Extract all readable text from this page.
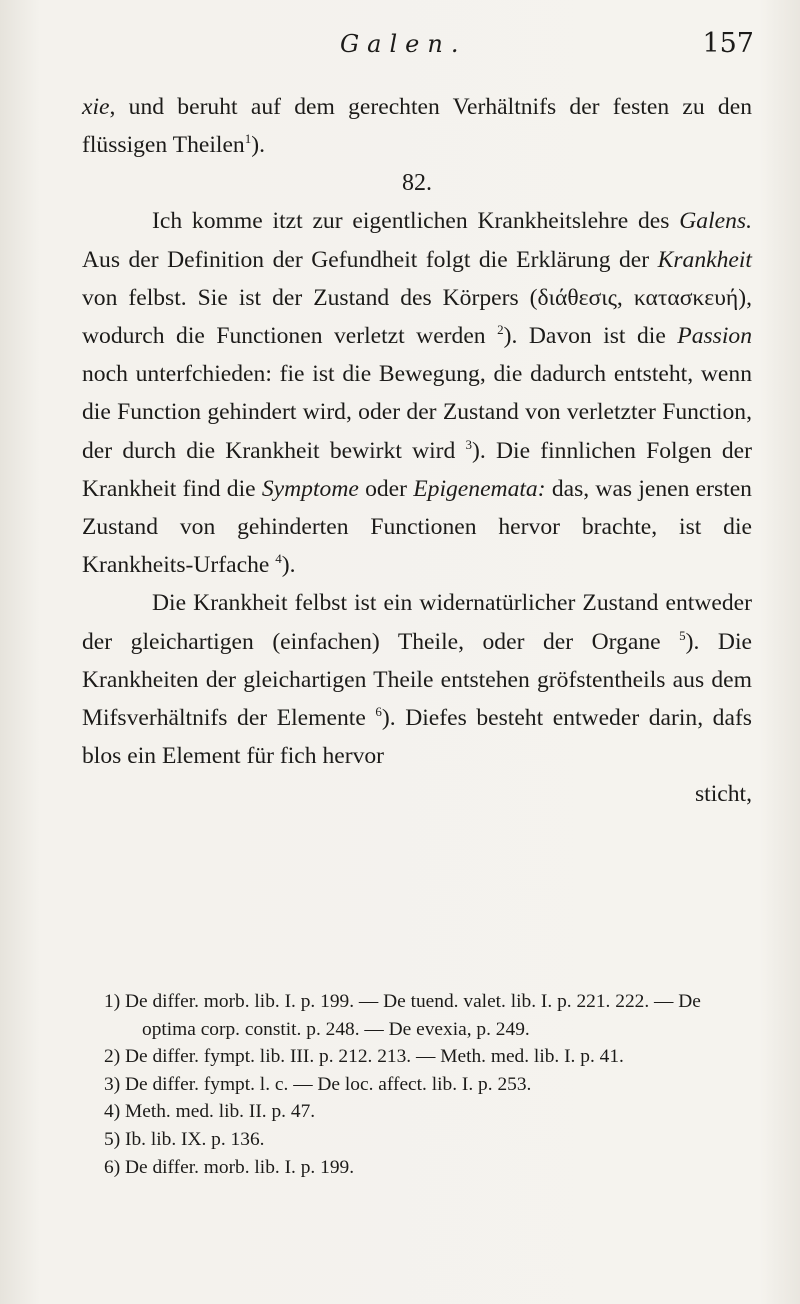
Galen.	157

xie, und beruht auf dem gerechten Verhältnifs der festen zu den flüssigen Theilen$^1$).

82.

Ich komme itzt zur eigentlichen Krankheitslehre des Galens. Aus der Definition der Gefundheit folgt die Erklärung der Krankheit von felbst. Sie ist der Zustand des Körpers (διάθεσις, κατασκευή), wodurch die Functionen verletzt werden $^2$). Davon ist die Passion noch unterfchieden: fie ist die Bewegung, die dadurch entsteht, wenn die Function gehindert wird, oder der Zustand von verletzter Function, der durch die Krankheit bewirkt wird $^3$). Die finnlichen Folgen der Krankheit find die Symptome oder Epigenemata: das, was jenen ersten Zustand von gehinderten Functionen hervor brachte, ist die Krankheits-Urfache $^4$).

Die Krankheit felbst ist ein widernatürlicher Zustand entweder der gleichartigen (einfachen) Theile, oder der Organe $^5$). Die Krankheiten der gleichartigen Theile entstehen gröfstentheils aus dem Mifsverhältnifs der Elemente $^6$). Diefes besteht entweder darin, dafs blos ein Element für fich hervor

sticht,

1) De differ. morb. lib. I. p. 199. — De tuend. valet. lib. I. p. 221. 222. — De optima corp. constit. p. 248. — De evexia, p. 249.
2) De differ. fympt. lib. III. p. 212. 213. — Meth. med. lib. I. p. 41.
3) De differ. fympt. l. c. — De loc. affect. lib. I. p. 253.
4) Meth. med. lib. II. p. 47.
5) Ib. lib. IX. p. 136.
6) De differ. morb. lib. I. p. 199.
